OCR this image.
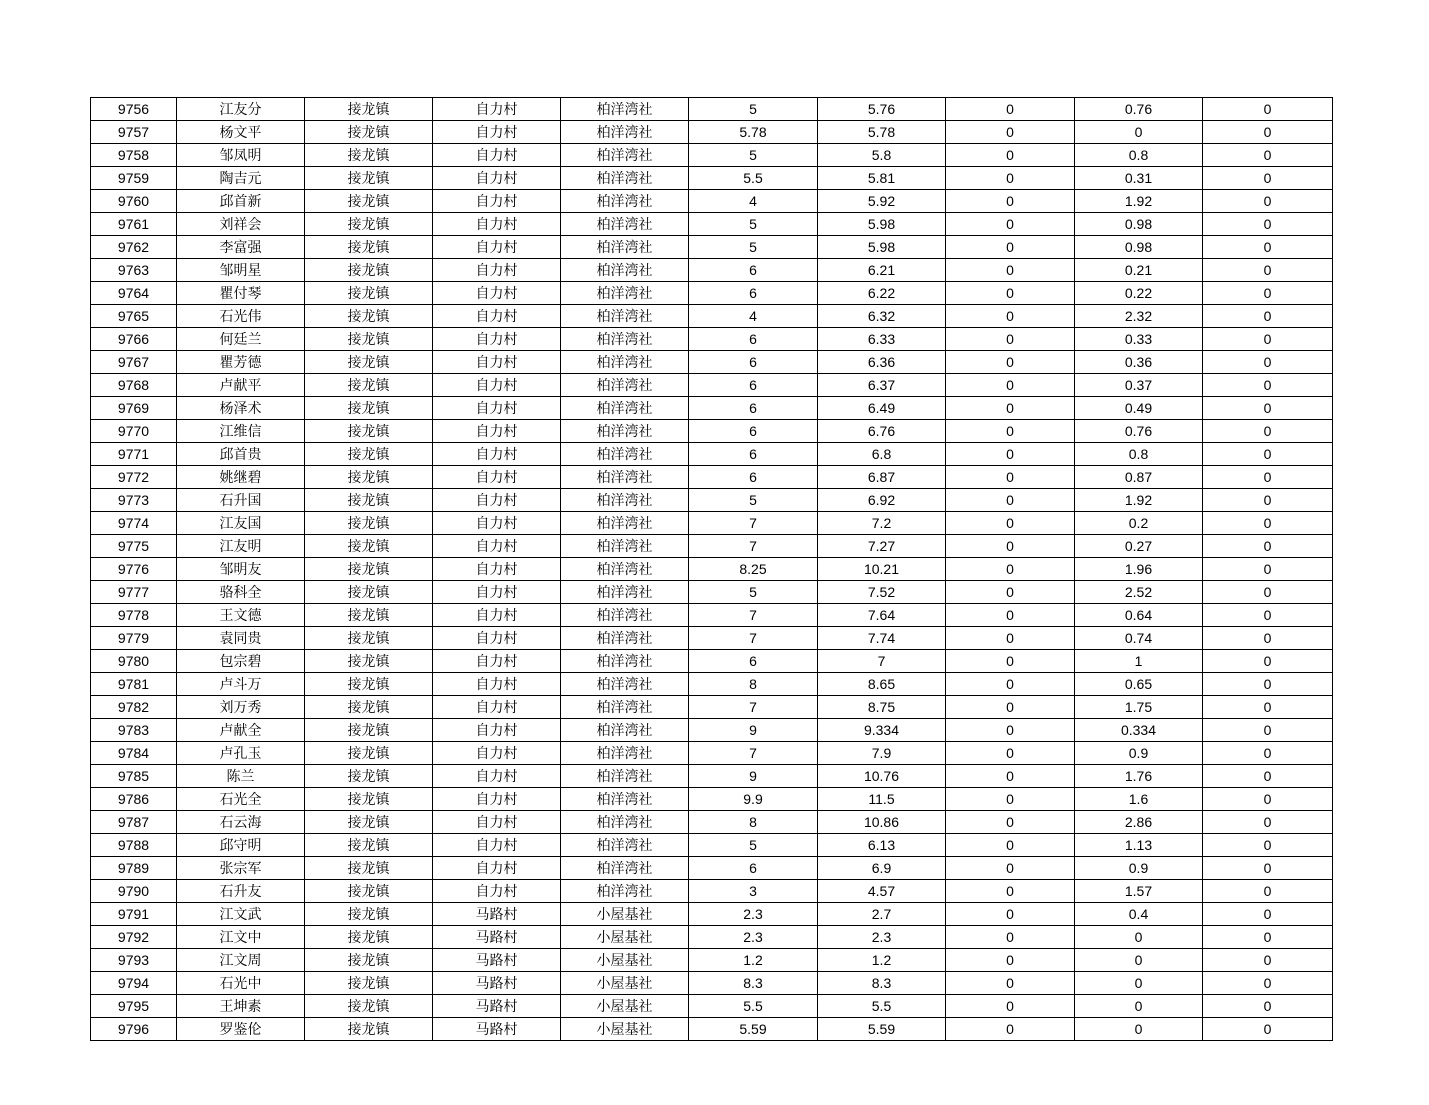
9756	江友分	接龙镇	自力村	柏洋湾社	5	5.76	0	0.76	0
9757	杨文平	接龙镇	自力村	柏洋湾社	5.78	5.78	0	0	0
9758	邹凤明	接龙镇	自力村	柏洋湾社	5	5.8	0	0.8	0
9759	陶吉元	接龙镇	自力村	柏洋湾社	5.5	5.81	0	0.31	0
9760	邱首新	接龙镇	自力村	柏洋湾社	4	5.92	0	1.92	0
9761	刘祥会	接龙镇	自力村	柏洋湾社	5	5.98	0	0.98	0
9762	李富强	接龙镇	自力村	柏洋湾社	5	5.98	0	0.98	0
9763	邹明星	接龙镇	自力村	柏洋湾社	6	6.21	0	0.21	0
9764	瞿付琴	接龙镇	自力村	柏洋湾社	6	6.22	0	0.22	0
9765	石光伟	接龙镇	自力村	柏洋湾社	4	6.32	0	2.32	0
9766	何廷兰	接龙镇	自力村	柏洋湾社	6	6.33	0	0.33	0
9767	瞿芳德	接龙镇	自力村	柏洋湾社	6	6.36	0	0.36	0
9768	卢献平	接龙镇	自力村	柏洋湾社	6	6.37	0	0.37	0
9769	杨泽术	接龙镇	自力村	柏洋湾社	6	6.49	0	0.49	0
9770	江维信	接龙镇	自力村	柏洋湾社	6	6.76	0	0.76	0
9771	邱首贵	接龙镇	自力村	柏洋湾社	6	6.8	0	0.8	0
9772	姚继碧	接龙镇	自力村	柏洋湾社	6	6.87	0	0.87	0
9773	石升国	接龙镇	自力村	柏洋湾社	5	6.92	0	1.92	0
9774	江友国	接龙镇	自力村	柏洋湾社	7	7.2	0	0.2	0
9775	江友明	接龙镇	自力村	柏洋湾社	7	7.27	0	0.27	0
9776	邹明友	接龙镇	自力村	柏洋湾社	8.25	10.21	0	1.96	0
9777	骆科全	接龙镇	自力村	柏洋湾社	5	7.52	0	2.52	0
9778	王文德	接龙镇	自力村	柏洋湾社	7	7.64	0	0.64	0
9779	袁同贵	接龙镇	自力村	柏洋湾社	7	7.74	0	0.74	0
9780	包宗碧	接龙镇	自力村	柏洋湾社	6	7	0	1	0
9781	卢斗万	接龙镇	自力村	柏洋湾社	8	8.65	0	0.65	0
9782	刘万秀	接龙镇	自力村	柏洋湾社	7	8.75	0	1.75	0
9783	卢献全	接龙镇	自力村	柏洋湾社	9	9.334	0	0.334	0
9784	卢孔玉	接龙镇	自力村	柏洋湾社	7	7.9	0	0.9	0
9785	陈兰	接龙镇	自力村	柏洋湾社	9	10.76	0	1.76	0
9786	石光全	接龙镇	自力村	柏洋湾社	9.9	11.5	0	1.6	0
9787	石云海	接龙镇	自力村	柏洋湾社	8	10.86	0	2.86	0
9788	邱守明	接龙镇	自力村	柏洋湾社	5	6.13	0	1.13	0
9789	张宗军	接龙镇	自力村	柏洋湾社	6	6.9	0	0.9	0
9790	石升友	接龙镇	自力村	柏洋湾社	3	4.57	0	1.57	0
9791	江文武	接龙镇	马路村	小屋基社	2.3	2.7	0	0.4	0
9792	江文中	接龙镇	马路村	小屋基社	2.3	2.3	0	0	0
9793	江文周	接龙镇	马路村	小屋基社	1.2	1.2	0	0	0
9794	石光中	接龙镇	马路村	小屋基社	8.3	8.3	0	0	0
9795	王坤素	接龙镇	马路村	小屋基社	5.5	5.5	0	0	0
9796	罗鉴伦	接龙镇	马路村	小屋基社	5.59	5.59	0	0	0
